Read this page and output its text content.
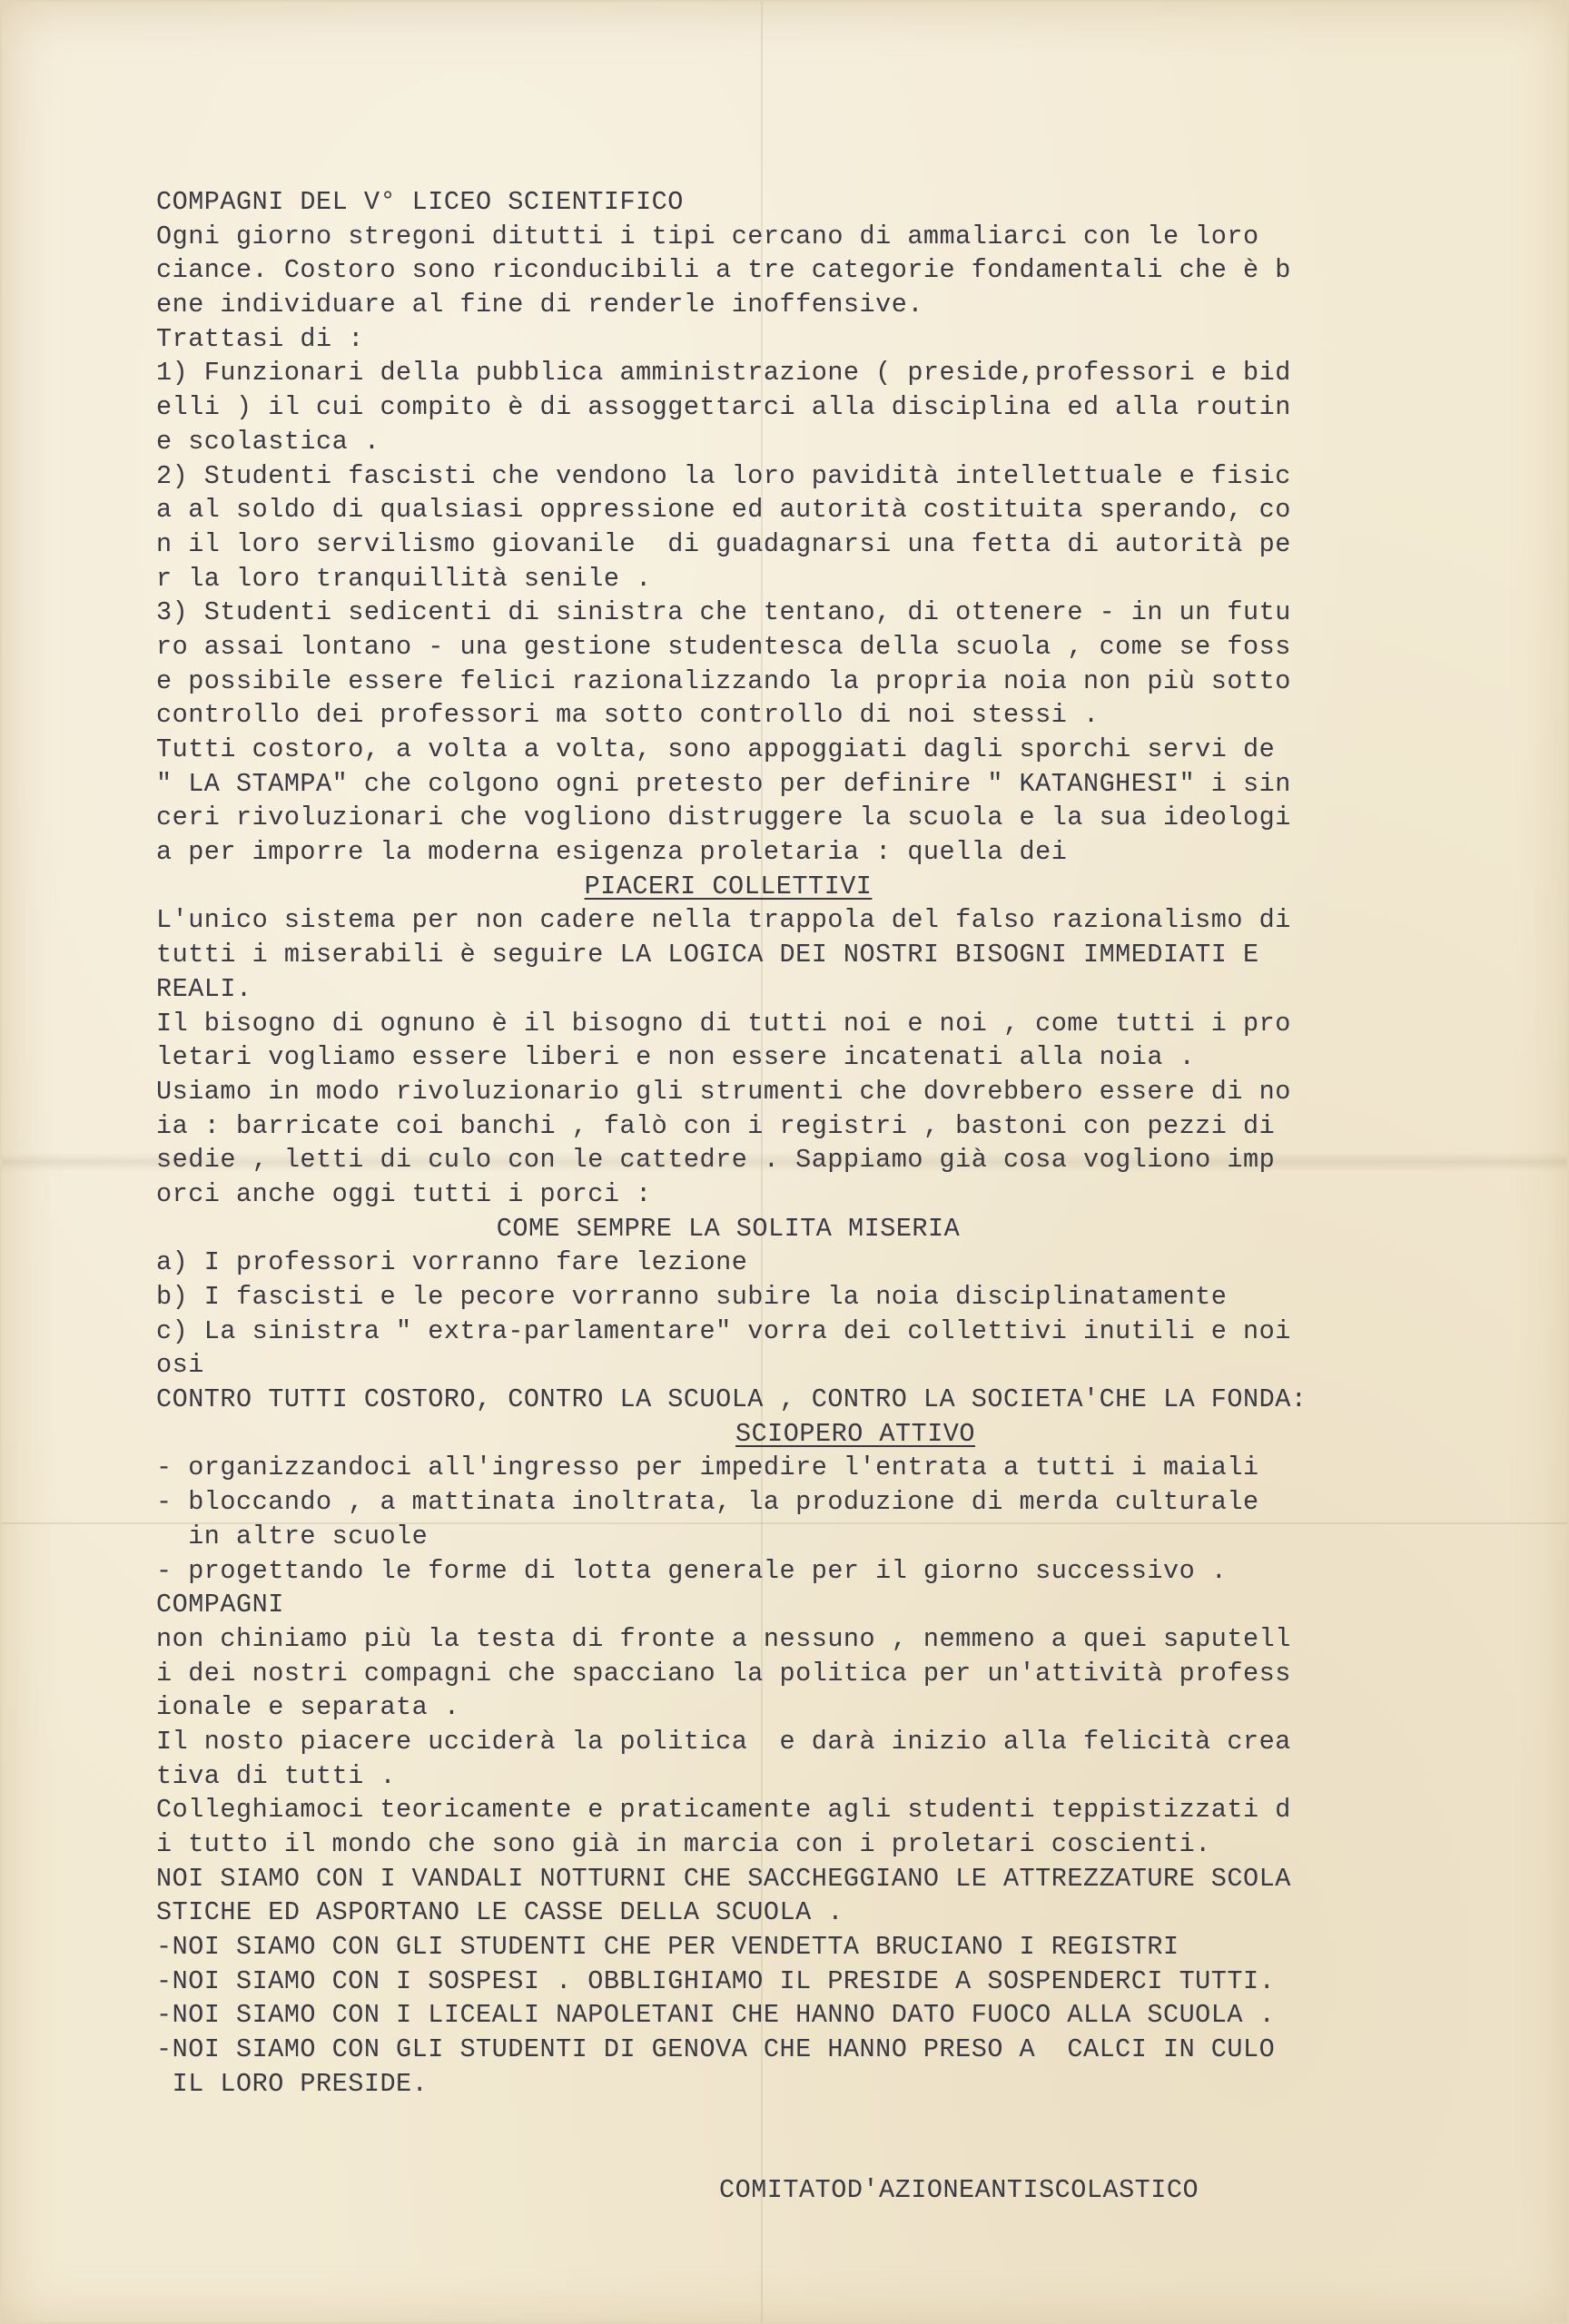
COMPAGNI DEL V° LICEO SCIENTIFICO
Ogni giorno stregoni ditutti i tipi cercano di ammaliarci con le loro
ciance. Costoro sono riconducibili a tre categorie fondamentali che è b
ene individuare al fine di renderle inoffensive.
Trattasi di :
1) Funzionari della pubblica amministrazione ( preside,professori e bid
elli ) il cui compito è di assoggettarci alla disciplina ed alla routin
e scolastica .
2) Studenti fascisti che vendono la loro pavidità intellettuale e fisic
a al soldo di qualsiasi oppressione ed autorità costituita sperando, co
n il loro servilismo giovanile  di guadagnarsi una fetta di autorità pe
r la loro tranquillità senile .
3) Studenti sedicenti di sinistra che tentano, di ottenere - in un futu
ro assai lontano - una gestione studentesca della scuola , come se foss
e possibile essere felici razionalizzando la propria noia non più sotto
controllo dei professori ma sotto controllo di noi stessi .
Tutti costoro, a volta a volta, sono appoggiati dagli sporchi servi de
" LA STAMPA" che colgono ogni pretesto per definire " KATANGHESI" i sin
ceri rivoluzionari che vogliono distruggere la scuola e la sua ideologi
a per imporre la moderna esigenza proletaria : quella dei
PIACERI COLLETTIVI
L'unico sistema per non cadere nella trappola del falso razionalismo di
tutti i miserabili è seguire LA LOGICA DEI NOSTRI BISOGNI IMMEDIATI E
REALI.
Il bisogno di ognuno è il bisogno di tutti noi e noi , come tutti i pro
letari vogliamo essere liberi e non essere incatenati alla noia .
Usiamo in modo rivoluzionario gli strumenti che dovrebbero essere di no
ia : barricate coi banchi , falò con i registri , bastoni con pezzi di
sedie , letti di culo con le cattedre . Sappiamo già cosa vogliono imp
orci anche oggi tutti i porci :
COME SEMPRE LA SOLITA MISERIA
a) I professori vorranno fare lezione
b) I fascisti e le pecore vorranno subire la noia disciplinatamente
c) La sinistra " extra-parlamentare" vorra dei collettivi inutili e noi
osi
CONTRO TUTTI COSTORO, CONTRO LA SCUOLA , CONTRO LA SOCIETA'CHE LA FONDA:
SCIOPERO ATTIVO
- organizzandoci all'ingresso per impedire l'entrata a tutti i maiali
- bloccando , a mattinata inoltrata, la produzione di merda culturale
in altre scuole
- progettando le forme di lotta generale per il giorno successivo .
COMPAGNI
non chiniamo più la testa di fronte a nessuno , nemmeno a quei saputell
i dei nostri compagni che spacciano la politica per un'attività profess
ionale e separata .
Il nosto piacere ucciderà la politica  e darà inizio alla felicità crea
tiva di tutti .
Colleghiamoci teoricamente e praticamente agli studenti teppistizzati d
i tutto il mondo che sono già in marcia con i proletari coscienti.
NOI SIAMO CON I VANDALI NOTTURNI CHE SACCHEGGIANO LE ATTREZZATURE SCOLA
STICHE ED ASPORTANO LE CASSE DELLA SCUOLA .
-NOI SIAMO CON GLI STUDENTI CHE PER VENDETTA BRUCIANO I REGISTRI
-NOI SIAMO CON I SOSPESI . OBBLIGHIAMO IL PRESIDE A SOSPENDERCI TUTTI.
-NOI SIAMO CON I LICEALI NAPOLETANI CHE HANNO DATO FUOCO ALLA SCUOLA .
-NOI SIAMO CON GLI STUDENTI DI GENOVA CHE HANNO PRESO A  CALCI IN CULO
IL LORO PRESIDE.
COMITATOD'AZIONEANTISCOLASTICO
